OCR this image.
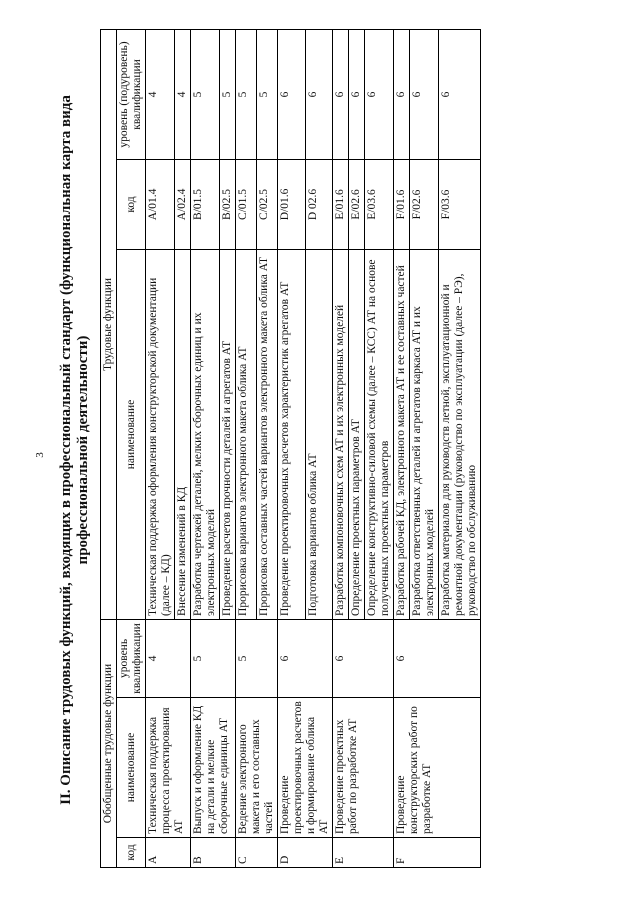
3 II. Описание трудовых функций, входящих в профессиональный стандарт (функциональная карта вида профессиональной деятельности)
Обобщенные трудовые функции			Трудовые функции		
код	наименование	уровень квалификации	наименование	код	уровень (подуровень) квалификации
A	Техническая поддержка процесса проектирования АТ	4	Техническая поддержка оформления конструкторской документации (далее – КД)	A/01.4	4
			Внесение изменений в КД	A/02.4	4
B	Выпуск и оформление КД на детали и мелкие сборочные единицы АТ	5	Разработка чертежей деталей, мелких сборочных единиц и их электронных моделей	B/01.5	5
			Проведение расчетов прочности деталей и агрегатов АТ	B/02.5	5
C	Ведение электронного макета и его составных частей	5	Прорисовка вариантов электронного макета облика АТ	C/01.5	5
			Прорисовка составных частей вариантов электронного макета облика АТ	C/02.5	5
D	Проведение проектировочных расчетов и формирование облика АТ	6	Проведение проектировочных расчетов характеристик агрегатов АТ	D/01.6	6
			Подготовка вариантов облика АТ	D 02.6	6
E	Проведение проектных работ по разработке АТ	6	Разработка компоновочных схем АТ и их электронных моделей	E/01.6	6
			Определение проектных параметров АТ	E/02.6	6
			Определение конструктивно-силовой схемы (далее – КСС) АТ на основе полученных проектных параметров	E/03.6	6
F	Проведение конструкторских работ по разработке АТ	6	Разработка рабочей КД, электронного макета АТ и ее составных частей	F/01.6	6
			Разработка ответственных деталей и агрегатов каркаса АТ и их электронных моделей	F/02.6	6
			Разработка материалов для руководств летной, эксплуатационной и ремонтной документации (руководство по эксплуатации (далее – РЭ), руководство по обслуживанию	F/03.6	6
